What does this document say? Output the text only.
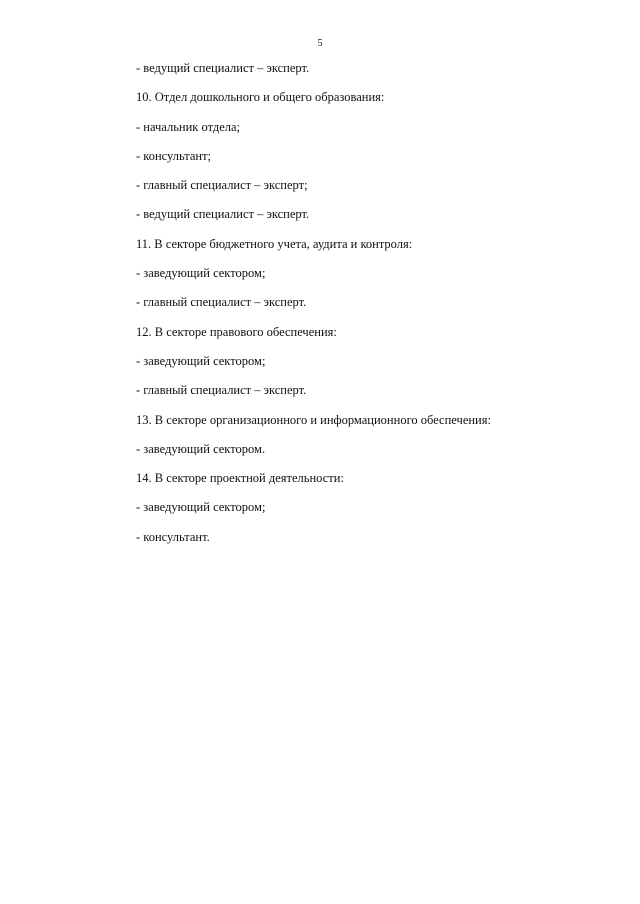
5

- ведущий специалист – эксперт.

10. Отдел дошкольного и общего образования:

- начальник отдела;

- консультант;

- главный специалист – эксперт;

- ведущий специалист – эксперт.

11. В секторе бюджетного учета, аудита и контроля:

- заведующий сектором;

- главный специалист – эксперт.

12. В секторе правового обеспечения:

- заведующий сектором;

- главный специалист – эксперт.

13. В секторе организационного и информационного обеспечения:

- заведующий сектором.

14. В секторе проектной деятельности:

- заведующий сектором;

- консультант.
